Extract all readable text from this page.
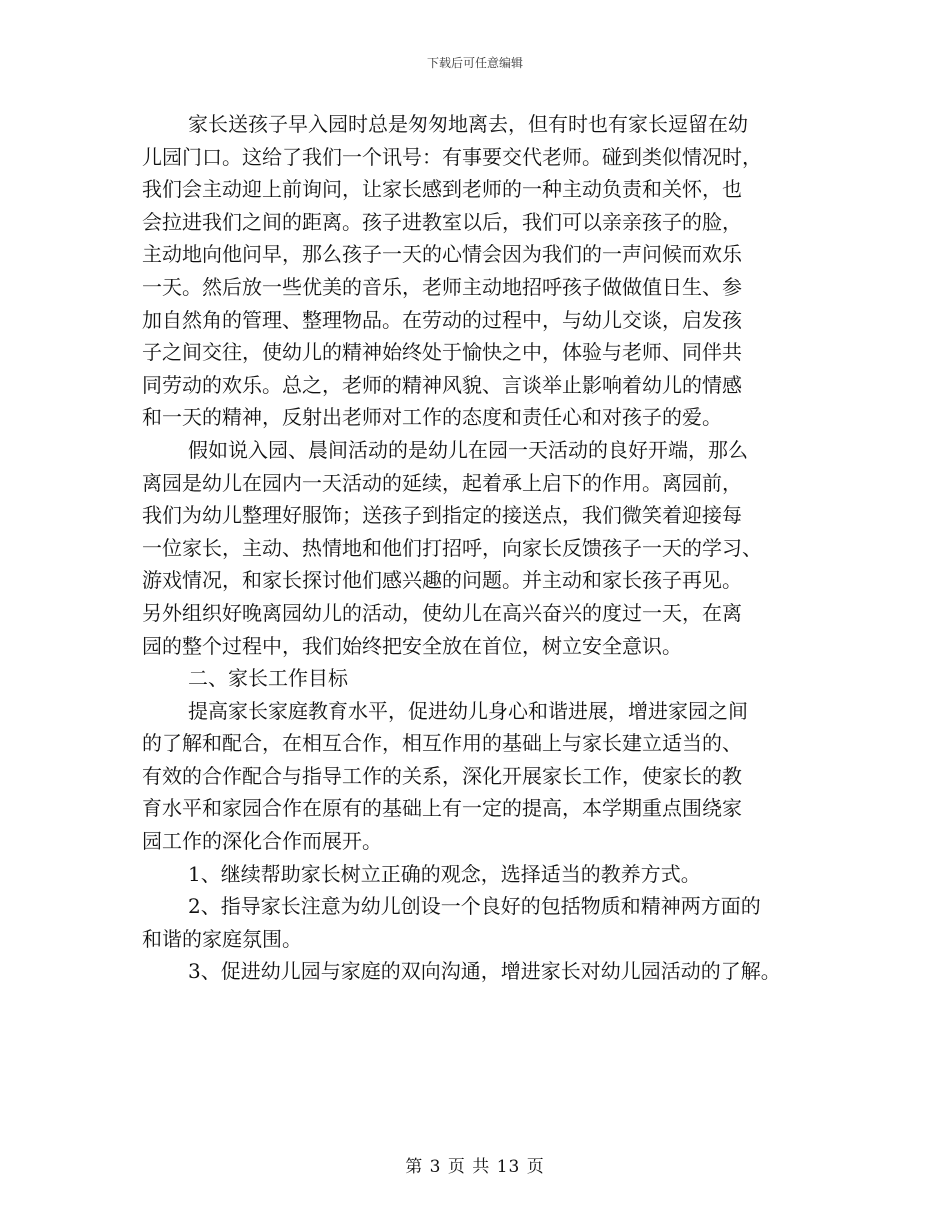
下载后可任意编辑
家长送孩子早入园时总是匆匆地离去，但有时也有家长逗留在幼
儿园门口。这给了我们一个讯号：有事要交代老师。碰到类似情况时，
我们会主动迎上前询问，让家长感到老师的一种主动负责和关怀，也
会拉进我们之间的距离。孩子进教室以后，我们可以亲亲孩子的脸，
主动地向他问早，那么孩子一天的心情会因为我们的一声问候而欢乐
一天。然后放一些优美的音乐，老师主动地招呼孩子做做值日生、参
加自然角的管理、整理物品。在劳动的过程中，与幼儿交谈，启发孩
子之间交往，使幼儿的精神始终处于愉快之中，体验与老师、同伴共
同劳动的欢乐。总之，老师的精神风貌、言谈举止影响着幼儿的情感
和一天的精神，反射出老师对工作的态度和责任心和对孩子的爱。
假如说入园、晨间活动的是幼儿在园一天活动的良好开端，那么
离园是幼儿在园内一天活动的延续，起着承上启下的作用。离园前，
我们为幼儿整理好服饰；送孩子到指定的接送点，我们微笑着迎接每
一位家长，主动、热情地和他们打招呼，向家长反馈孩子一天的学习、
游戏情况，和家长探讨他们感兴趣的问题。并主动和家长孩子再见。
另外组织好晚离园幼儿的活动，使幼儿在高兴奋兴的度过一天，在离
园的整个过程中，我们始终把安全放在首位，树立安全意识。
二、家长工作目标
提高家长家庭教育水平，促进幼儿身心和谐进展，增进家园之间
的了解和配合，在相互合作，相互作用的基础上与家长建立适当的、
有效的合作配合与指导工作的关系，深化开展家长工作，使家长的教
育水平和家园合作在原有的基础上有一定的提高，本学期重点围绕家
园工作的深化合作而展开。
1、继续帮助家长树立正确的观念，选择适当的教养方式。
2、指导家长注意为幼儿创设一个良好的包括物质和精神两方面的
和谐的家庭氛围。
3、促进幼儿园与家庭的双向沟通，增进家长对幼儿园活动的了解。
第 3 页 共 13 页
